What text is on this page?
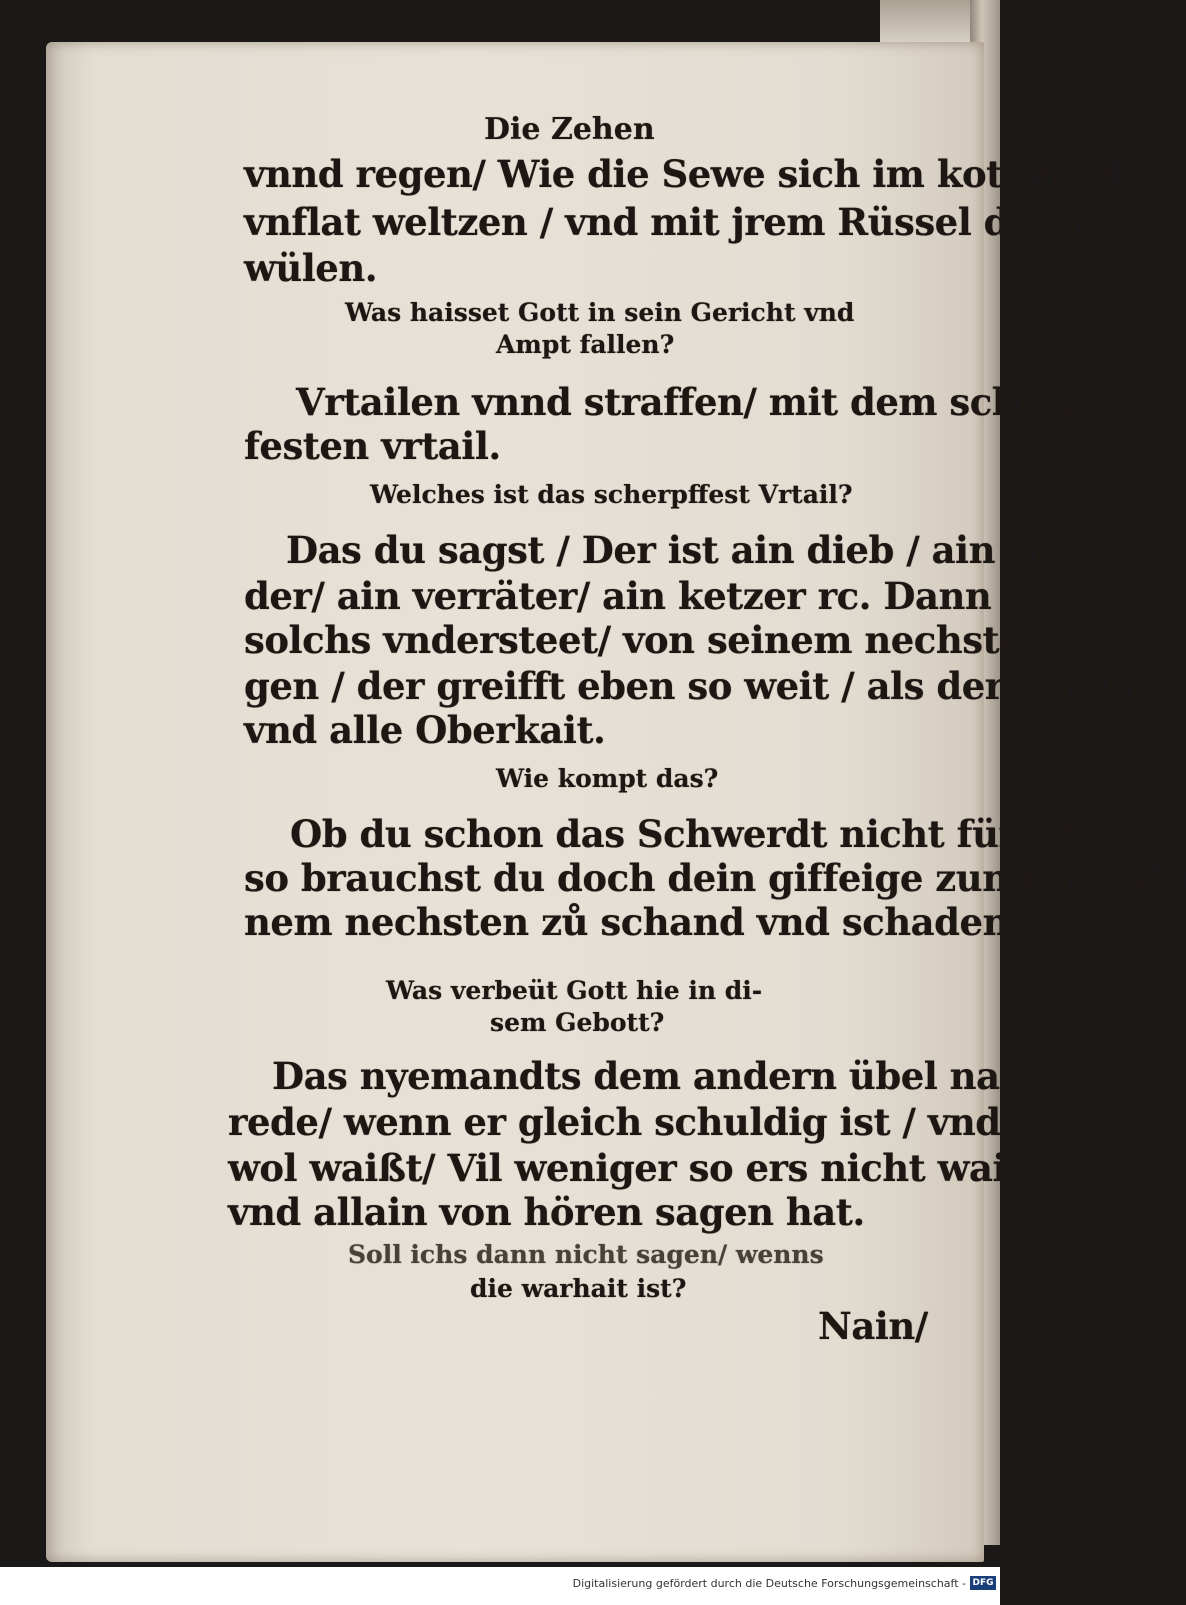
Die Zehen
vnnd regen/ Wie die Sewe sich im kot vnnd
vnflat weltzen / vnd mit jrem Rüssel darinn
wülen.
Was haisset Gott in sein Gericht vnd
Ampt fallen?
Vrtailen vnnd straffen/ mit dem scherpf-
festen vrtail.
Welches ist das scherpffest Vrtail?
Das du sagst / Der ist ain dieb / ain mör-
der/ ain verräter/ ain ketzer rc. Dann wer sich
solchs vndersteet/ von seinem nechsten zů sa-
gen / der greifft eben so weit / als der Kaiser/
vnd alle Oberkait.
Wie kompt das?
Ob du schon das Schwerdt nicht fürest/
so brauchst du doch dein giffeige zungen/ dei-
nem nechsten zů schand vnd schaden.
Was verbeüt Gott hie in di-
sem Gebott?
Das nyemandts dem andern übel nach-
rede/ wenn er gleich schuldig ist / vnd es diser
wol waißt/ Vil weniger so ers nicht waißt/
vnd allain von hören sagen hat.
Soll ichs dann nicht sagen/ wenns
die warhait ist?
Nain/
Digitalisierung gefördert durch die Deutsche Forschungsgemeinschaft - DFG
